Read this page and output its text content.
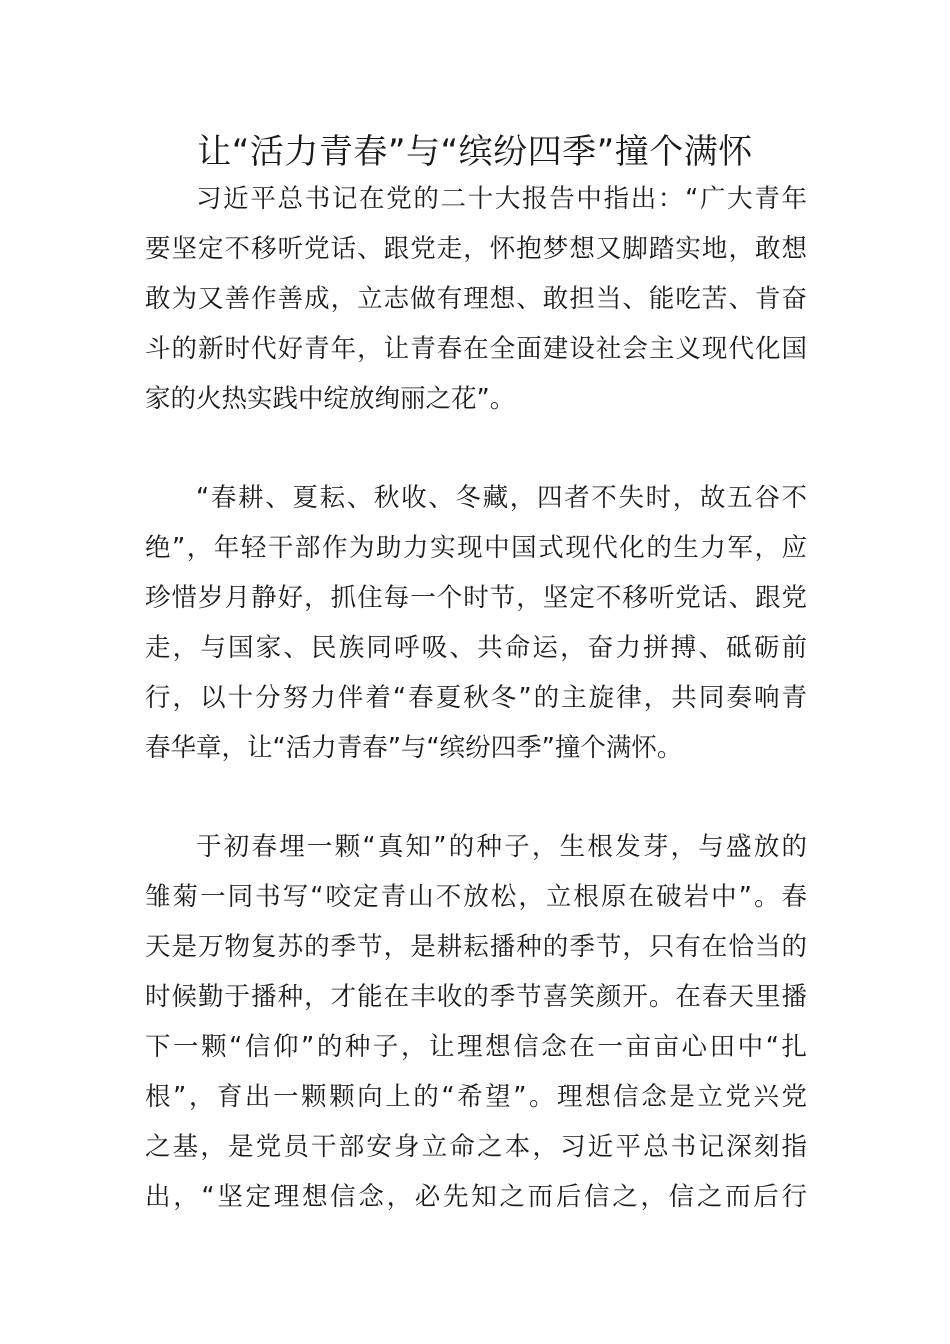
让“活力青春”与“缤纷四季”撞个满怀
习近平总书记在党的二十大报告中指出：“广大青年
要坚定不移听党话、跟党走，怀抱梦想又脚踏实地，敢想
敢为又善作善成，立志做有理想、敢担当、能吃苦、肯奋
斗的新时代好青年，让青春在全面建设社会主义现代化国
家的火热实践中绽放绚丽之花”。
“春耕、夏耘、秋收、冬藏，四者不失时，故五谷不
绝”，年轻干部作为助力实现中国式现代化的生力军，应
珍惜岁月静好，抓住每一个时节，坚定不移听党话、跟党
走，与国家、民族同呼吸、共命运，奋力拼搏、砥砺前
行，以十分努力伴着“春夏秋冬”的主旋律，共同奏响青
春华章，让“活力青春”与“缤纷四季”撞个满怀。
于初春埋一颗“真知”的种子，生根发芽，与盛放的
雏菊一同书写“咬定青山不放松，立根原在破岩中”。春
天是万物复苏的季节，是耕耘播种的季节，只有在恰当的
时候勤于播种，才能在丰收的季节喜笑颜开。在春天里播
下一颗“信仰”的种子，让理想信念在一亩亩心田中“扎
根”，育出一颗颗向上的“希望”。理想信念是立党兴党
之基，是党员干部安身立命之本，习近平总书记深刻指
出，“坚定理想信念，必先知之而后信之，信之而后行
